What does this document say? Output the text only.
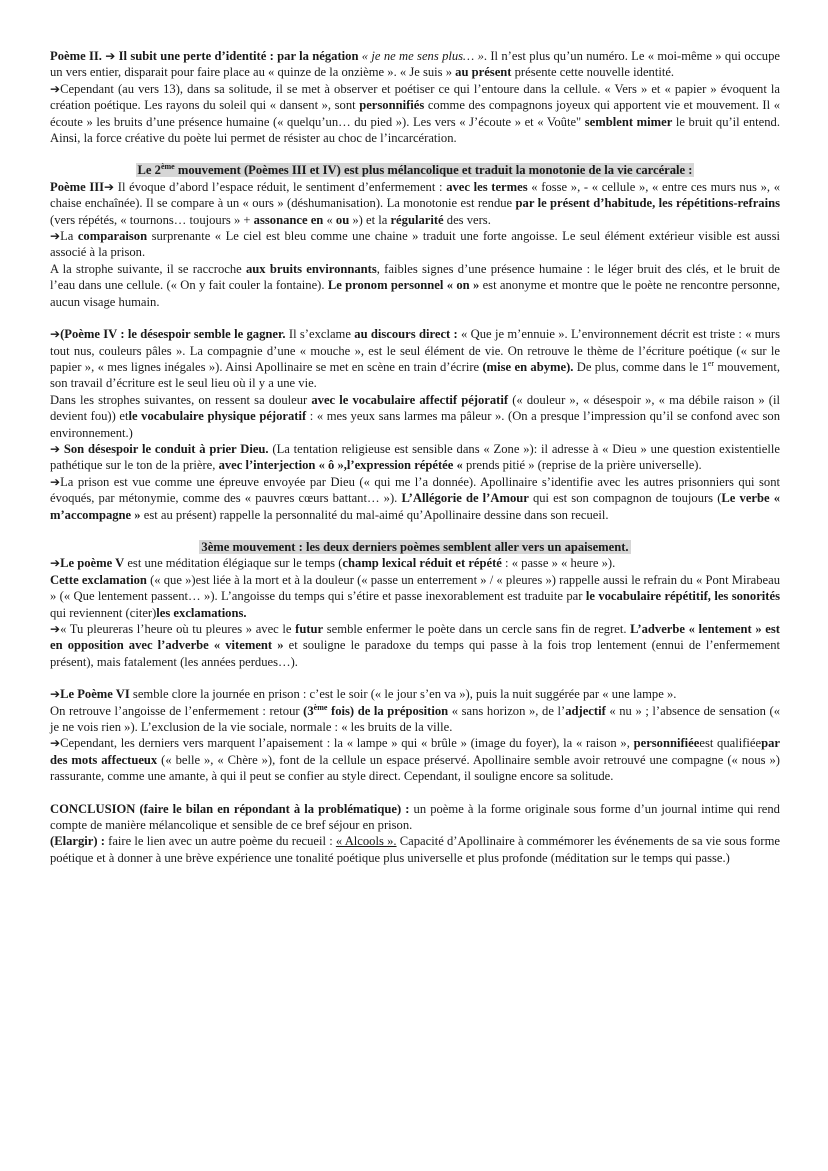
Poème II. ➔ Il subit une perte d’identité : par la négation « je ne me sens plus… ». Il n’est plus qu’un numéro. Le « moi-même » qui occupe un vers entier, disparait pour faire place au « quinze de la onzième ». « Je suis » au présent présente cette nouvelle identité.

➔Cependant (au vers 13), dans sa solitude, il se met à observer et poétiser ce qui l’entoure dans la cellule. « Vers » et « papier » évoquent la création poétique. Les rayons du soleil qui « dansent », sont personnifiés comme des compagnons joyeux qui apportent vie et mouvement. Il « écoute » les bruits d’une présence humaine (« quelqu’un… du pied »). Les vers « J’écoute » et « Voûte" semblent mimer le bruit qu’il entend. Ainsi, la force créative du poète lui permet de résister au choc de l’incarcération.

Le 2ème mouvement (Poèmes III et IV) est plus mélancolique et traduit la monotonie de la vie carcérale :

Poème III➔ Il évoque d’abord l’espace réduit, le sentiment d’enfermement : avec les termes « fosse », - « cellule », « entre ces murs nus », « chaise enchaînée). Il se compare à un « ours » (déshumanisation). La monotonie est rendue par le présent d’habitude, les répétitions-refrains (vers répétés, « tournons… toujours » + assonance en « ou ») et la régularité des vers.

➔La comparaison surprenante « Le ciel est bleu comme une chaine » traduit une forte angoisse. Le seul élément extérieur visible est aussi associé à la prison.

A la strophe suivante, il se raccroche aux bruits environnants, faibles signes d’une présence humaine : le léger bruit des clés, et le bruit de l’eau dans une cellule. (« On y fait couler la fontaine). Le pronom personnel « on » est anonyme et montre que le poète ne rencontre personne, aucun visage humain.

➔(Poème IV : le désespoir semble le gagner. Il s’exclame au discours direct : « Que je m’ennuie ». L’environnement décrit est triste : « murs tout nus, couleurs pâles ». La compagnie d’une « mouche », est le seul élément de vie. On retrouve le thème de l’écriture poétique (« sur le papier », « mes lignes inégales »). Ainsi Apollinaire se met en scène en train d’écrire (mise en abyme). De plus, comme dans le 1er mouvement, son travail d’écriture est le seul lieu où il y a une vie.

Dans les strophes suivantes, on ressent sa douleur avec le vocabulaire affectif péjoratif (« douleur », « désespoir », « ma débile raison » (il devient fou)) etle vocabulaire physique péjoratif : « mes yeux sans larmes ma pâleur ». (On a presque l’impression qu’il se confond avec son environnement.)

➔ Son désespoir le conduit à prier Dieu. (La tentation religieuse est sensible dans « Zone »): il adresse à « Dieu » une question existentielle pathétique sur le ton de la prière, avec l’interjection « ô »,l’expression répétée « prends pitié » (reprise de la prière universelle).

➔La prison est vue comme une épreuve envoyée par Dieu (« qui me l’a donnée). Apollinaire s’identifie avec les autres prisonniers qui sont évoqués, par métonymie, comme des « pauvres cœurs battant… »). L’Allégorie de l’Amour qui est son compagnon de toujours (Le verbe « m’accompagne » est au présent) rappelle la personnalité du mal-aimé qu’Apollinaire dessine dans son recueil.

3ème mouvement : les deux derniers poèmes semblent aller vers un apaisement.

➔Le poème V est une méditation élégiaque sur le temps (champ lexical réduit et répété : « passe » « heure »).

Cette exclamation (« que »)est liée à la mort et à la douleur (« passe un enterrement » / « pleures ») rappelle aussi le refrain du « Pont Mirabeau » (« Que lentement passent… »). L’angoisse du temps qui s’étire et passe inexorablement est traduite par le vocabulaire répétitif, les sonorités qui reviennent (citer)les exclamations.

➔« Tu pleureras l’heure où tu pleures » avec le futur semble enfermer le poète dans un cercle sans fin de regret. L’adverbe « lentement » est en opposition avec l’adverbe « vitement » et souligne le paradoxe du temps qui passe à la fois trop lentement (ennui de l’enfermement présent), mais fatalement (les années perdues…).

➔Le Poème VI semble clore la journée en prison : c’est le soir (« le jour s’en va »), puis la nuit suggérée par « une lampe ».

On retrouve l’angoisse de l’enfermement : retour (3ème fois) de la préposition « sans horizon », de l’adjectif « nu » ; l’absence de sensation (« je ne vois rien »). L’exclusion de la vie sociale, normale : « les bruits de la ville.

➔Cependant, les derniers vers marquent l’apaisement : la « lampe » qui « brûle » (image du foyer), la « raison », personnifiéeest qualifiéepar des mots affectueux (« belle », « Chère »), font de la cellule un espace préservé. Apollinaire semble avoir retrouvé une compagne (« nous ») rassurante, comme une amante, à qui il peut se confier au style direct. Cependant, il souligne encore sa solitude.

CONCLUSION (faire le bilan en répondant à la problématique) : un poème à la forme originale sous forme d’un journal intime qui rend compte de manière mélancolique et sensible de ce bref séjour en prison.

(Elargir) : faire le lien avec un autre poème du recueil : « Alcools ». Capacité d’Apollinaire à commémorer les événements de sa vie sous forme poétique et à donner à une brève expérience une tonalité poétique plus universelle et plus profonde (méditation sur le temps qui passe.)
